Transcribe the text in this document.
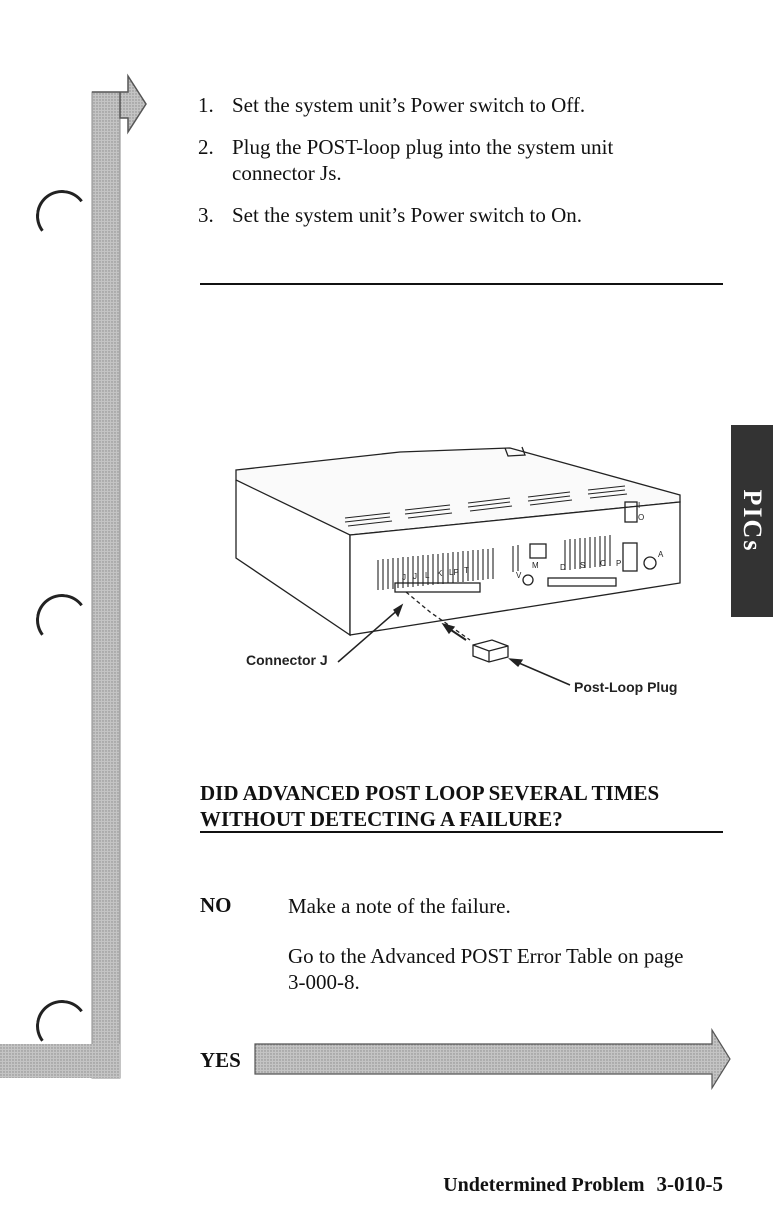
1. Set the system unit’s Power switch to Off.
2. Plug the POST-loop plug into the system unit connector Js.
3. Set the system unit’s Power switch to On.
PICs
J J L K LP T
M	D S C P
V
A
I
O
Connector J
Post-Loop Plug
DID ADVANCED POST LOOP SEVERAL TIMES WITHOUT DETECTING A FAILURE?
NO	Make a note of the failure.
Go to the Advanced POST Error Table on page 3-000-8.
YES
Undetermined Problem 3-010-5
